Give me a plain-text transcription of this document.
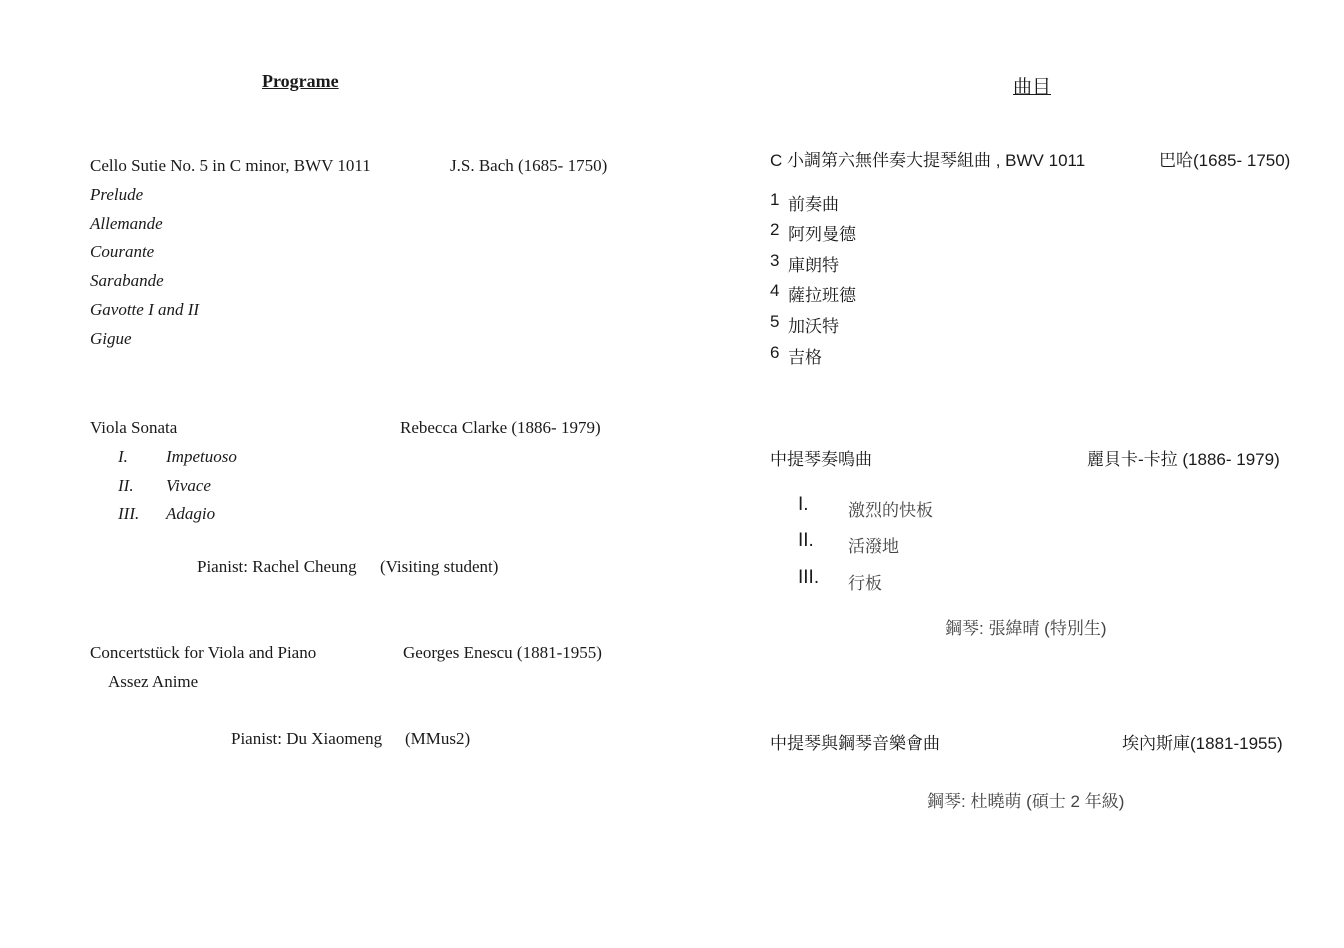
Programe
Cello Sutie No. 5 in C minor, BWV 1011	J.S. Bach (1685- 1750)
Prelude
Allemande
Courante
Sarabande
Gavotte I and II
Gigue
Viola Sonata	Rebecca Clarke (1886- 1979)
I. Impetuoso
II. Vivace
III. Adagio
Pianist: Rachel Cheung (Visiting student)
Concertstück for Viola and Piano	Georges Enescu (1881-1955)
Assez Anime
Pianist: Du Xiaomeng (MMus2)
曲目
C 小調第六無伴奏大提琴組曲 , BWV 1011	巴哈(1685- 1750)
1 前奏曲
2 阿列曼德
3 庫朗特
4 薩拉班德
5 加沃特
6 吉格
中提琴奏鳴曲	麗貝卡-卡拉 (1886- 1979)
I. 激烈的快板
II. 活潑地
III. 行板
鋼琴: 張緯晴 (特別生)
中提琴與鋼琴音樂會曲	埃內斯庫(1881-1955)
鋼琴: 杜曉萌 (碩士 2 年級)
